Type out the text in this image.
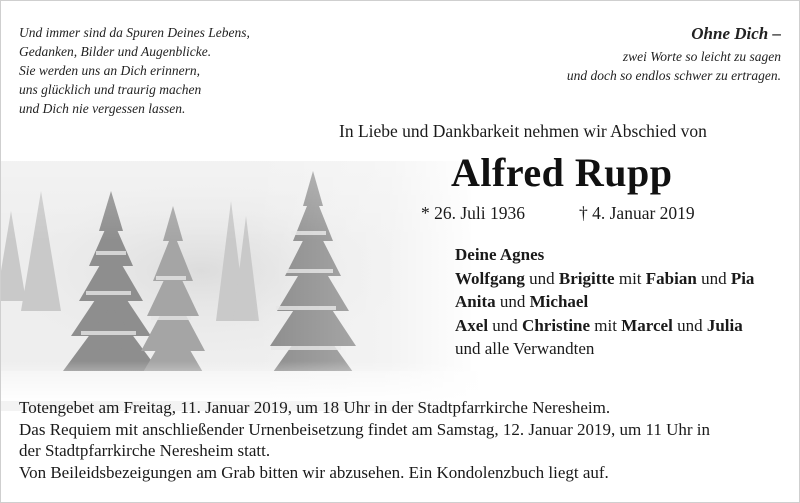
Und immer sind da Spuren Deines Lebens,
Gedanken, Bilder und Augenblicke.
Sie werden uns an Dich erinnern,
uns glücklich und traurig machen
und Dich nie vergessen lassen.
Ohne Dich –
zwei Worte so leicht zu sagen
und doch so endlos schwer zu ertragen.
In Liebe und Dankbarkeit nehmen wir Abschied von
Alfred Rupp
* 26. Juli 1936	† 4. Januar 2019
Deine Agnes
Wolfgang und Brigitte mit Fabian und Pia
Anita und Michael
Axel und Christine mit Marcel und Julia
und alle Verwandten
Totengebet am Freitag, 11. Januar 2019, um 18 Uhr in der Stadtpfarrkirche Neresheim.
Das Requiem mit anschließender Urnenbeisetzung findet am Samstag, 12. Januar 2019, um 11 Uhr in
der Stadtpfarrkirche Neresheim statt.
Von Beileidsbezeigungen am Grab bitten wir abzusehen. Ein Kondolenzbuch liegt auf.
